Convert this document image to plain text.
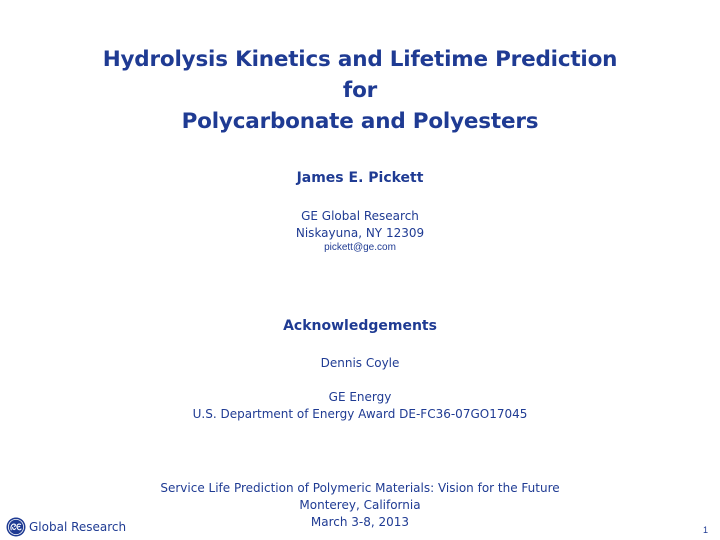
Hydrolysis Kinetics and Lifetime Prediction
for
Polycarbonate and Polyesters
James E. Pickett
GE Global Research
Niskayuna, NY 12309
pickett@ge.com
Acknowledgements
Dennis Coyle
GE Energy
U.S. Department of Energy Award DE-FC36-07GO17045
Service Life Prediction of Polymeric Materials: Vision for the Future
Monterey, California
March 3-8, 2013
Global Research	1
